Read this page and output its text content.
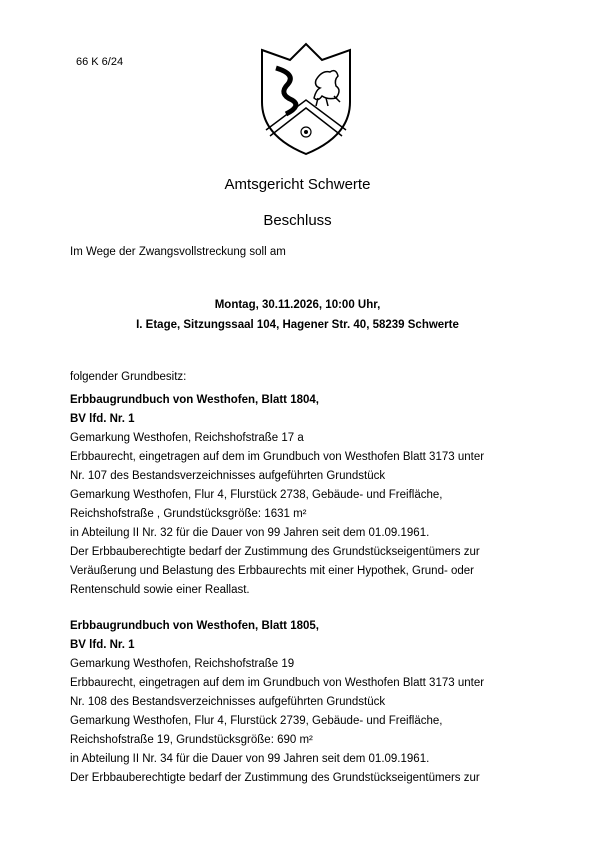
66 K 6/24
Amtsgericht Schwerte
Beschluss
Im Wege der Zwangsvollstreckung soll am
Montag, 30.11.2026, 10:00 Uhr,
I. Etage, Sitzungssaal 104, Hagener Str. 40, 58239 Schwerte
folgender Grundbesitz:
Erbbaugrundbuch von Westhofen, Blatt 1804,
BV lfd. Nr. 1
Gemarkung Westhofen, Reichshofstraße 17 a
Erbbaurecht, eingetragen auf dem im Grundbuch von Westhofen Blatt 3173 unter
Nr. 107 des Bestandsverzeichnisses aufgeführten Grundstück
Gemarkung Westhofen, Flur 4, Flurstück 2738, Gebäude- und Freifläche,
Reichshofstraße , Grundstücksgröße: 1631 m²
in Abteilung II Nr. 32 für die Dauer von 99 Jahren seit dem 01.09.1961.
Der Erbbauberechtigte bedarf der Zustimmung des Grundstückseigentümers zur
Veräußerung und Belastung des Erbbaurechts mit einer Hypothek, Grund- oder
Rentenschuld sowie einer Reallast.
Erbbaugrundbuch von Westhofen, Blatt 1805,
BV lfd. Nr. 1
Gemarkung Westhofen, Reichshofstraße 19
Erbbaurecht, eingetragen auf dem im Grundbuch von Westhofen Blatt 3173 unter
Nr. 108 des Bestandsverzeichnisses aufgeführten Grundstück
Gemarkung Westhofen, Flur 4, Flurstück 2739, Gebäude- und Freifläche,
Reichshofstraße 19, Grundstücksgröße: 690 m²
in Abteilung II Nr. 34 für die Dauer von 99 Jahren seit dem 01.09.1961.
Der Erbbauberechtigte bedarf der Zustimmung des Grundstückseigentümers zur
